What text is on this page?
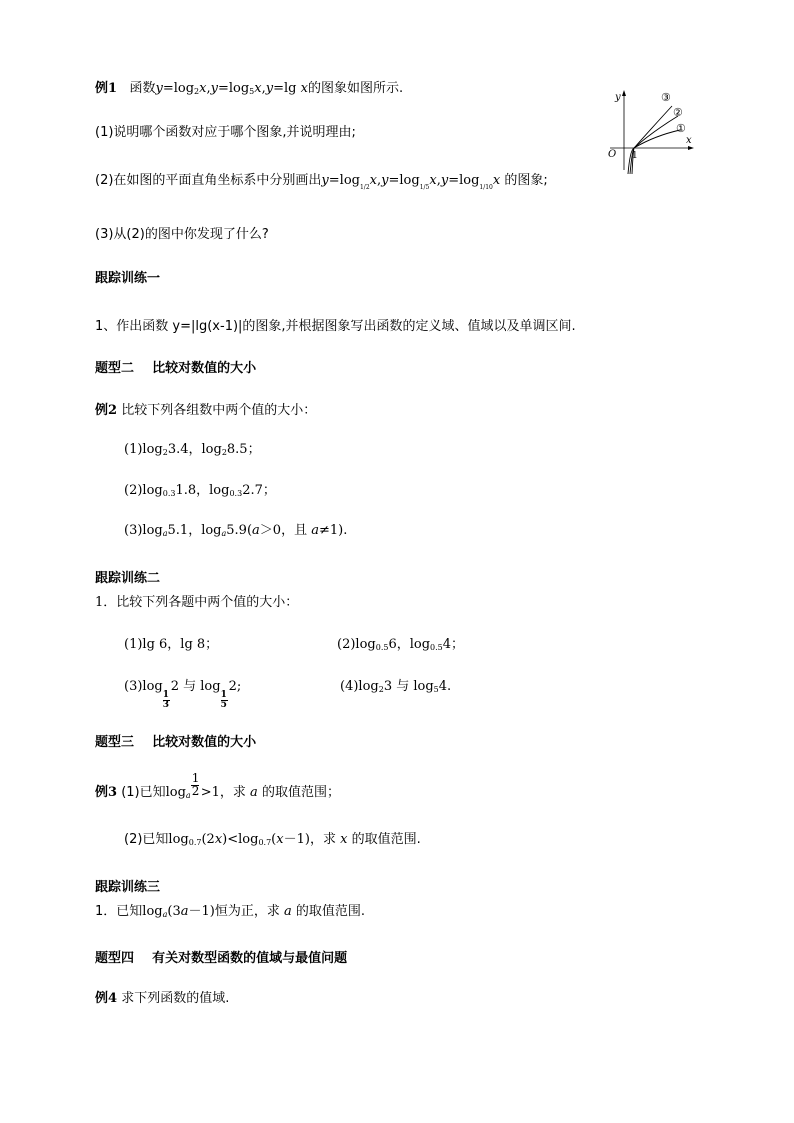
例1 函数$y=\log_2x,y=\log_5x,y=\lg$ x的图象如图所示.
(1)说明哪个函数对应于哪个图象,并说明理由;
(2)在如图的平面直角坐标系中分别画出$y=\log_{1/2}x,y=\log_{1/5}x,y=\log_{1/10}x$ 的图象;
(3)从(2)的图中你发现了什么?
y
x
O 1
③
②
①
跟踪训练一
1、作出函数 y=|lg(x-1)|的图象,并根据图象写出函数的定义域、值域以及单调区间.
题型二    比较对数值的大小
例2 比较下列各组数中两个值的大小：
$(1)\log_23.4$，$\log_28.5$；
$(2)\log_{0.3}1.8$，$\log_{0.3}2.7$；
$(3)\log_a5.1$，$\log_a5.9(a>0$，且 a≠1).
跟踪训练二
1．比较下列各题中两个值的大小：
(1)lg 6，lg 8；	$(2)\log_{0.5}6$，$\log_{0.5}4$；
(3)log
$\frac{1}{3}$
2 与 log
$\frac{1}{5}$
2;	$(4)\log_23$ 与 $\log_54$.
题型三    比较对数值的大小
例3 (1)已知$\log_a \frac{1}{2} >1$，求 a 的取值范围；
(2)已知$\log_{0.7}(2x)<\log_{0.7}(x-1)$，求 x 的取值范围.
跟踪训练三
1．已知$\log_a(3a-1)$恒为正，求 a 的取值范围.
题型四    有关对数型函数的值域与最值问题
例4 求下列函数的值域.
